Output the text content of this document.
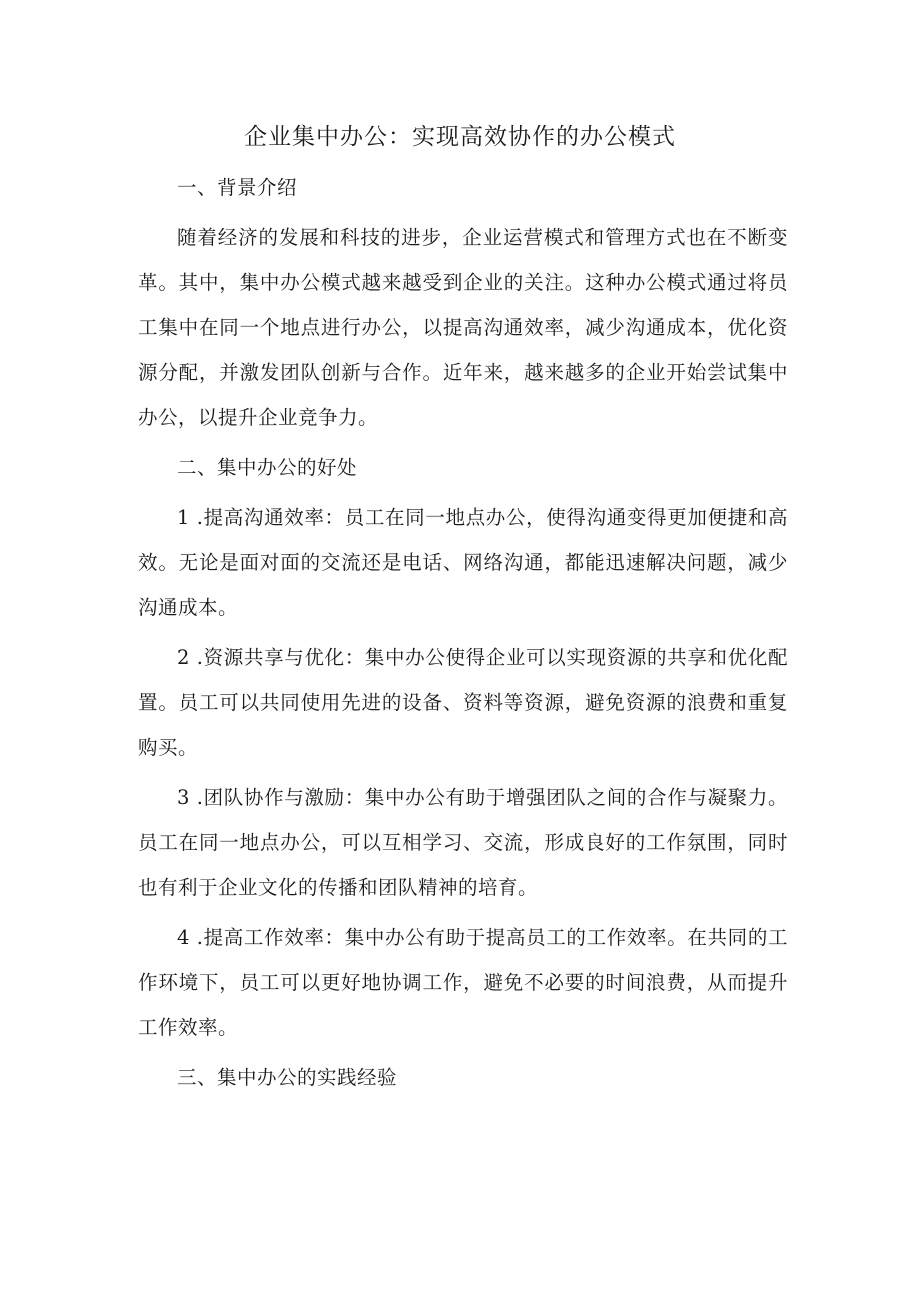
企业集中办公：实现高效协作的办公模式

一、背景介绍

随着经济的发展和科技的进步，企业运营模式和管理方式也在不断变革。其中，集中办公模式越来越受到企业的关注。这种办公模式通过将员工集中在同一个地点进行办公，以提高沟通效率，减少沟通成本，优化资源分配，并激发团队创新与合作。近年来，越来越多的企业开始尝试集中办公，以提升企业竞争力。

二、集中办公的好处

1 .提高沟通效率：员工在同一地点办公，使得沟通变得更加便捷和高效。无论是面对面的交流还是电话、网络沟通，都能迅速解决问题，减少沟通成本。

2 .资源共享与优化：集中办公使得企业可以实现资源的共享和优化配置。员工可以共同使用先进的设备、资料等资源，避免资源的浪费和重复购买。

3 .团队协作与激励：集中办公有助于增强团队之间的合作与凝聚力。员工在同一地点办公，可以互相学习、交流，形成良好的工作氛围，同时也有利于企业文化的传播和团队精神的培育。

4 .提高工作效率：集中办公有助于提高员工的工作效率。在共同的工作环境下，员工可以更好地协调工作，避免不必要的时间浪费，从而提升工作效率。

三、集中办公的实践经验
